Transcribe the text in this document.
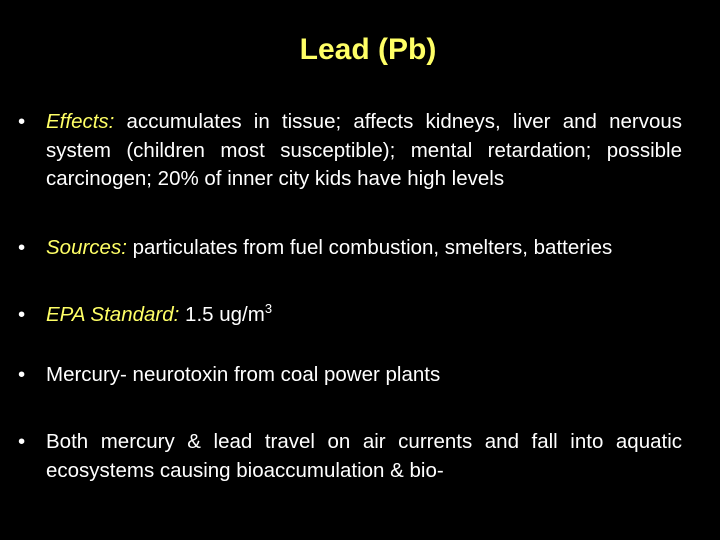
Lead (Pb)
• Effects: accumulates in tissue; affects kidneys, liver and nervous system (children most susceptible); mental retardation; possible carcinogen; 20% of inner city kids have high levels
• Sources: particulates from fuel combustion, smelters, batteries
• EPA Standard: 1.5 $ug/m^3$
• Mercury- neurotoxin from coal power plants
• Both mercury & lead travel on air currents and fall into aquatic ecosystems causing bioaccumulation & bio-
